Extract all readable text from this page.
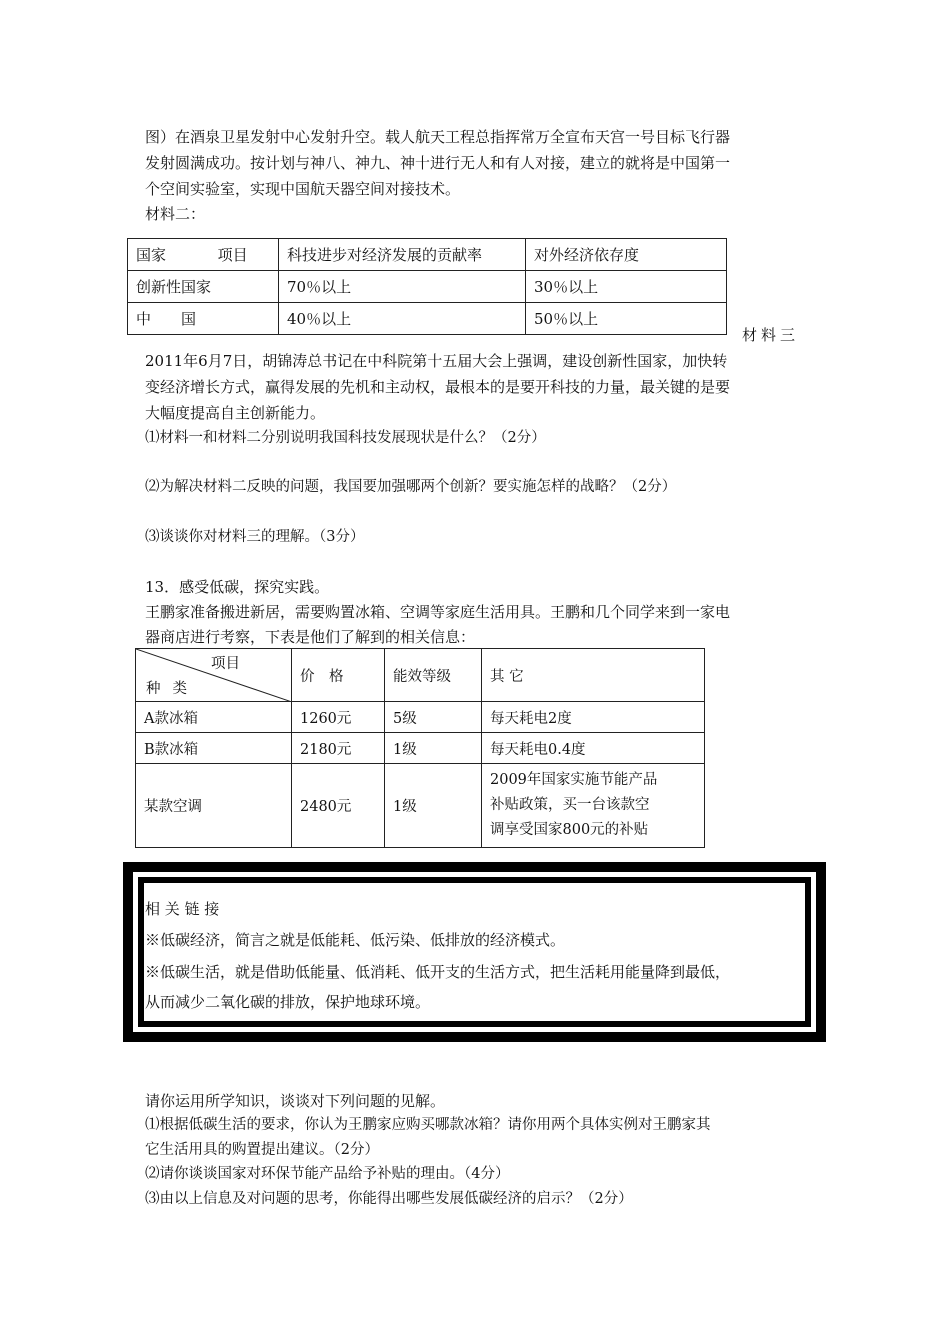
图）在酒泉卫星发射中心发射升空。载人航天工程总指挥常万全宣布天宫一号目标飞行器
发射圆满成功。按计划与神八、神九、神十进行无人和有人对接，建立的就将是中国第一
个空间实验室，实现中国航天器空间对接技术。
材料二：
国家 项目	科技进步对经济发展的贡献率	对外经济依存度
创新性国家	70％以上	30％以上
中　　国	40％以上	50％以上
材料三
2011年6月7日，胡锦涛总书记在中科院第十五届大会上强调，建设创新性国家，加快转
变经济增长方式，赢得发展的先机和主动权，最根本的是要开科技的力量，最关键的是要
大幅度提高自主创新能力。
⑴材料一和材料二分别说明我国科技发展现状是什么？（2分）
⑵为解决材料二反映的问题，我国要加强哪两个创新？要实施怎样的战略？（2分）
⑶谈谈你对材料三的理解。（3分）
13．感受低碳，探究实践。
王鹏家准备搬进新居，需要购置冰箱、空调等家庭生活用具。王鹏和几个同学来到一家电
器商店进行考察，下表是他们了解到的相关信息：
项目
种类	价　格	能效等级	其 它
A款冰箱	1260元	5级	每天耗电2度
B款冰箱	2180元	1级	每天耗电0.4度
某款空调	2480元	1级	2009年国家实施节能产品
补贴政策，买一台该款空
调享受国家800元的补贴
相 关 链 接
※低碳经济，简言之就是低能耗、低污染、低排放的经济模式。
※低碳生活，就是借助低能量、低消耗、低开支的生活方式，把生活耗用能量降到最低，
从而减少二氧化碳的排放，保护地球环境。
请你运用所学知识，谈谈对下列问题的见解。
⑴根据低碳生活的要求，你认为王鹏家应购买哪款冰箱？请你用两个具体实例对王鹏家其
它生活用具的购置提出建议。（2分）
⑵请你谈谈国家对环保节能产品给予补贴的理由。（4分）
⑶由以上信息及对问题的思考，你能得出哪些发展低碳经济的启示？（2分）
